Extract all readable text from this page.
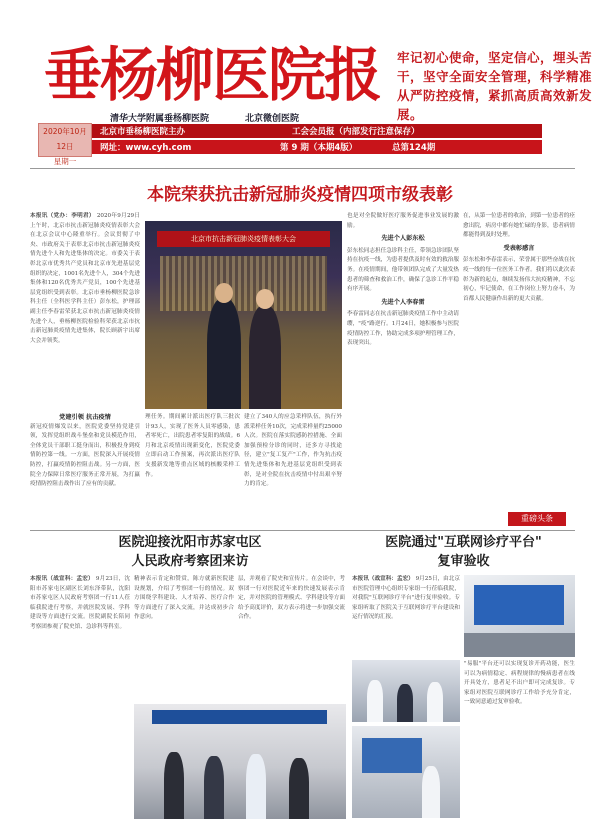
垂杨柳医院报 牢记初心使命，坚定信心，埋头苦干，坚守全面安全管理，科学精准从严防控疫情，紧抓高质高效新发展。
清华大学附属垂杨柳医院	北京微创医院
2020年10月12日
星期一
北京市垂杨柳医院主办	工会会员报（内部发行注意保存）
网址：www.cyh.com	第 9 期（本期4版）	总第124期
本院荣获抗击新冠肺炎疫情四项市级表彰
本报讯（党办：李明君） 2020年9月29日上午时，北京市抗击新冠肺炎疫情表彰大会在北京会议中心隆重举行。会议贯彻了中央、市政府关于表彰北京市抗击新冠肺炎疫情先进个人和先进集体的决定。市委关于表彰北京市优秀共产党员和北京市先进基层党组织的决定，1001名先进个人，304个先进集体和120名优秀共产党员，100个先进基层党组织受到表彰。北京市垂杨柳医院急诊科主任（全科医学科主任）彭东松，护理部副主任李春雷荣获北京市抗击新冠肺炎疫情先进个人，垂杨柳医院检验科荣获北京市抗击新冠肺炎疫情先进集体，院长顾新宇出席大会并领奖。
北京市抗击新冠肺炎疫情表彰大会
党建引领 抗击疫情
新冠疫情爆发以来，医院党委坚持党建引领，发挥党组织战斗堡垒和党员模范作用，全体党员干部职工挺身而出，积极投身到疫情防控第一线。一方面，医院深入开展疫情防控，打赢疫情防控阻击战。另一方面，医院全力保障日常医疗服务正常开展，为打赢疫情防控阻击战作出了应有的贡献。
理任务。期间累计派出医疗队三批次计93人，实现了医务人员零感染，患者零死亡，出院患者零复阳的战绩。6月和北京疫情出现新变化，医院党委立即启动工作预案，再次派出医疗队支援新发地等重点区域的核酸采样工作。
建立了340人的应急采样队伍，执行外派采样任务10次，完成采样量约25000人次。医院在落实院感防控措施、全面加强预检分诊的同时，还多方寻找途径，建立"复工复产"工作，作为抗击疫情先进集体和先进基层党组织受到表彰，是对全院在抗击疫情中付出艰辛努力的肯定。
也是对全院做好医疗服务促进事业发展的激励。
先进个人彭东松
彭东松同志担任急诊科主任，带领急诊团队坚持在抗疫一线，为患者提供及时有效的救治服务。在疫情期间，他带领团队完成了大量发热患者的筛查和救治工作，确保了急诊工作平稳有序开展。
先进个人李春雷
李春雷同志在抗击新冠肺炎疫情工作中主动请缨，"疫"路逆行。1月24日，她积极参与医院疫情防控工作，协助完成多项护理管理工作，表现突出。
在，从第一位患者的收治，到第一位患者的痊愈出院，病房中都有她忙碌的身影，患者病情都能得到及时处理。
受表彰感言
彭东松和李春雷表示，荣誉属于那些奋战在抗疫一线的每一位医务工作者。我们将以此次表彰为新的起点，继续发扬伟大抗疫精神，不忘初心，牢记使命，在工作岗位上努力奋斗，为首都人民健康作出新的更大贡献。
重磅头条
医院迎接沈阳市苏家屯区
人民政府考察团来访
本报讯（战宣科：孟宏） 9月23日，沈阳市苏家屯区副区长刘东泽带队，沈阳市苏家屯区人民政府考察团一行11人莅临我院进行考察，并就医院发展、学科建设等方面进行交流。医院副院长陪同考察团参观了院史馆、急诊科等科室。
精神表示肯定和赞赏，陈方就新医院建设规划，介绍了考察团一行的情况。双方围绕学科建设、人才培养、医疗合作等方面进行了深入交流，并达成初步合作意向。
层，并观看了院史和宣传片。在会谈中，考察团一行对医院近年来的快速发展表示肯定，并对医院的管理模式、学科建设等方面给予高度评价，双方表示将进一步加强交流合作。
医院通过"互联网诊疗平台"
复审验收
本报讯（战宣科：孟宏） 9月25日，由北京市医院管理中心组织专家组一行莅临我院，对我院"互联网诊疗平台"进行复审验收。专家组听取了医院关于互联网诊疗平台建设和运行情况的汇报。
"易服"平台还可以实现复诊开药功能，医生可以为病情稳定、病程规律的慢病患者在线开具处方，患者足不出户即可完成复诊。专家组对医院互联网诊疗工作给予充分肯定，一致同意通过复审验收。
